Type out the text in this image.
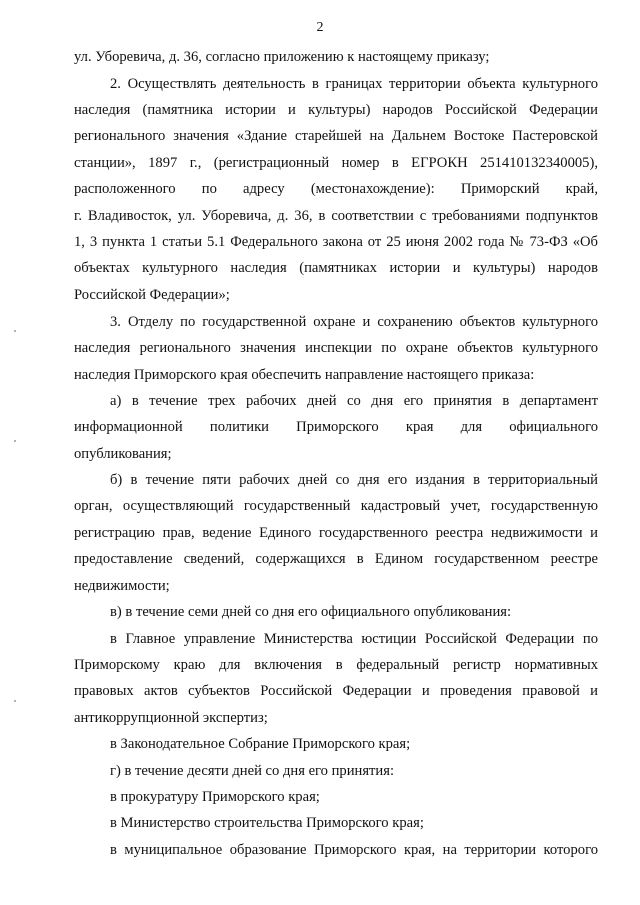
2
ул. Уборевича, д. 36, согласно приложению к настоящему приказу;
2. Осуществлять деятельность в границах территории объекта культурного
наследия (памятника истории и культуры) народов Российской Федерации
регионального значения «Здание старейшей на Дальнем Востоке Пастеровской
станции», 1897 г., (регистрационный номер в ЕГРОКН 251410132340005),
расположенного по адресу (местонахождение): Приморский край,
г. Владивосток, ул. Уборевича, д. 36, в соответствии с требованиями подпунктов
1, 3 пункта 1 статьи 5.1 Федерального закона от 25 июня 2002 года № 73-ФЗ «Об
объектах культурного наследия (памятниках истории и культуры) народов
Российской Федерации»;
3. Отделу по государственной охране и сохранению объектов культурного
наследия регионального значения инспекции по охране объектов культурного
наследия Приморского края обеспечить направление настоящего приказа:
а) в течение трех рабочих дней со дня его принятия в департамент
информационной политики Приморского края для официального
опубликования;
б) в течение пяти рабочих дней со дня его издания в территориальный
орган, осуществляющий государственный кадастровый учет, государственную
регистрацию прав, ведение Единого государственного реестра недвижимости и
предоставление сведений, содержащихся в Едином государственном реестре
недвижимости;
в) в течение семи дней со дня его официального опубликования:
в Главное управление Министерства юстиции Российской Федерации по
Приморскому краю для включения в федеральный регистр нормативных
правовых актов субъектов Российской Федерации и проведения правовой и
антикоррупционной экспертиз;
в Законодательное Собрание Приморского края;
г) в течение десяти дней со дня его принятия:
в прокуратуру Приморского края;
в Министерство строительства Приморского края;
в муниципальное образование Приморского края, на территории которого
